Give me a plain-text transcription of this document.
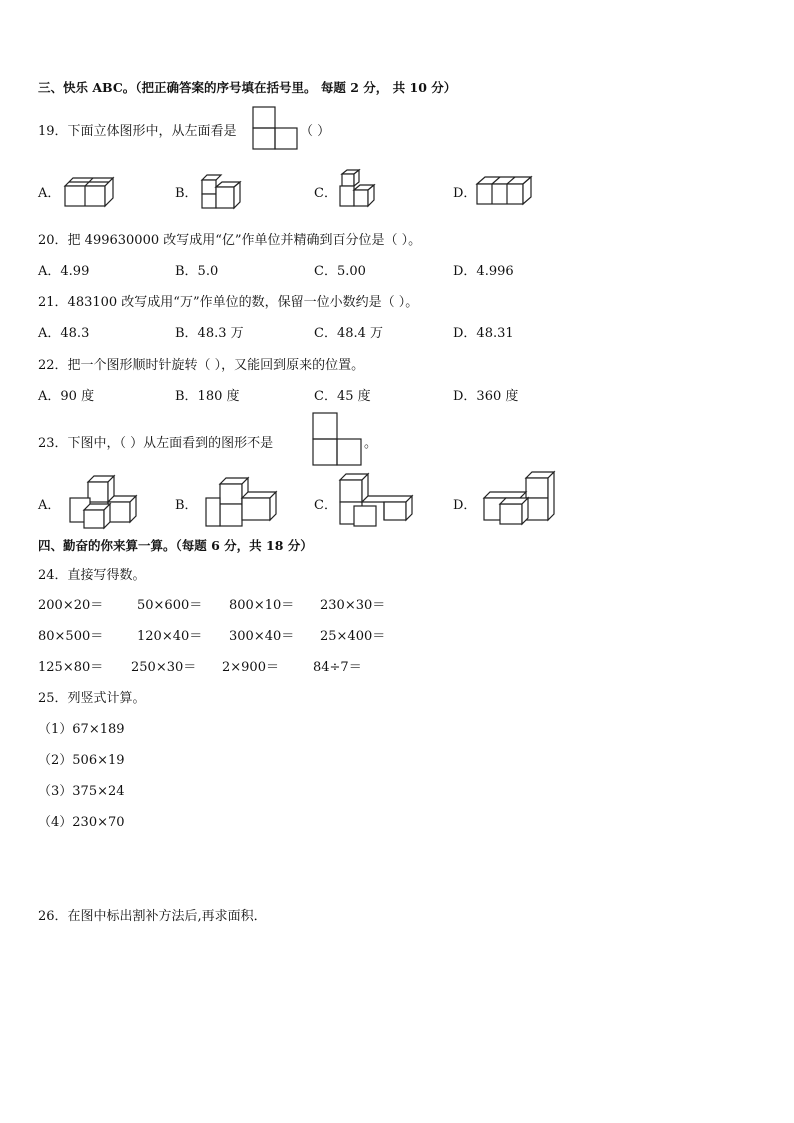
三、快乐 ABC。（把正确答案的序号填在括号里。 每题 2 分， 共 10 分）
19．下面立体图形中，从左面看是	（ ）
A．	B．	C．	D．
20．把 499630000 改写成用“亿”作单位并精确到百分位是（ ）。
A．4.99	B．5.0	C．5.00	D．4.996
21．483100 改写成用“万”作单位的数，保留一位小数约是（ ）。
A．48.3	B．48.3 万	C．48.4 万	D．48.31
22．把一个图形顺时针旋转（ ），又能回到原来的位置。
A．90 度	B．180 度	C．45 度	D．360 度
23．下图中，（ ）从左面看到的图形不是	。
A．	B．	C．	D．
四、勤奋的你来算一算。（每题 6 分，共 18 分）
24．直接写得数。
200×20＝	50×600＝ 800×10＝ 230×30＝
80×500＝	120×40＝ 300×40＝ 25×400＝
125×80＝ 250×30＝ 2×900＝	84÷7＝
25．列竖式计算。
（1）67×189
（2）506×19
（3）375×24
（4）230×70
26．在图中标出割补方法后,再求面积．
